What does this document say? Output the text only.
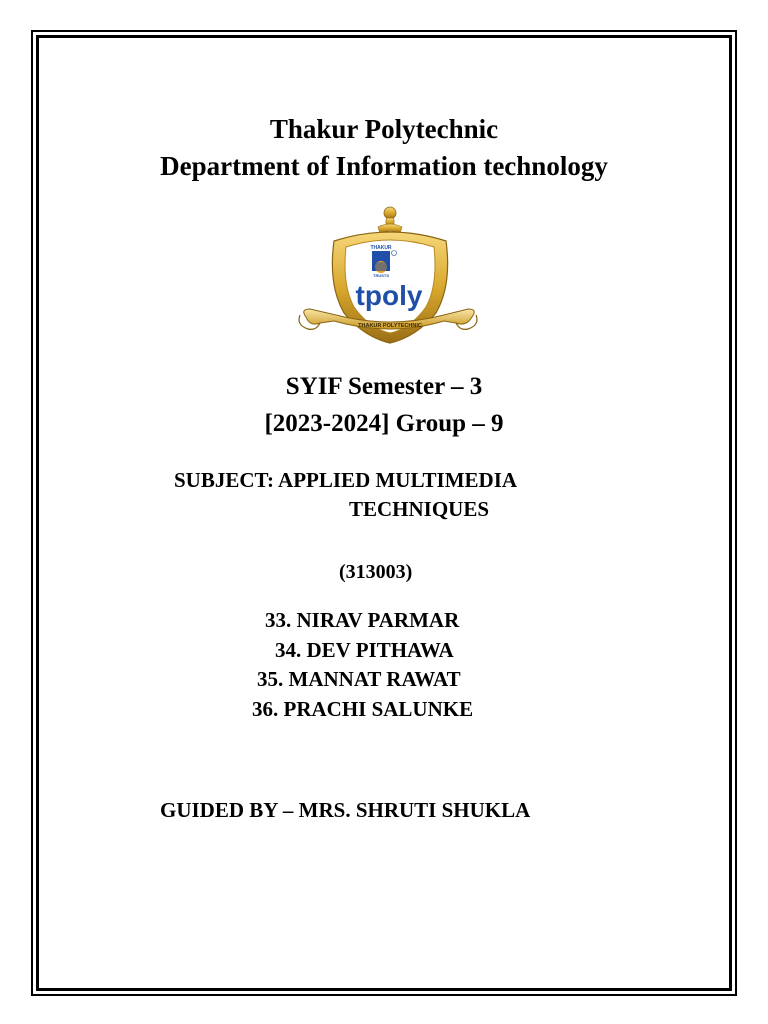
Thakur Polytechnic
Department of Information technology
THAKUR
TRUSTS
tpoly
THAKUR POLYTECHNIC
SYIF Semester – 3
[2023-2024] Group – 9
SUBJECT: APPLIED MULTIMEDIA
TECHNIQUES
(313003)
33. NIRAV PARMAR
34. DEV PITHAWA
35. MANNAT RAWAT
36. PRACHI SALUNKE
GUIDED BY – MRS. SHRUTI SHUKLA
